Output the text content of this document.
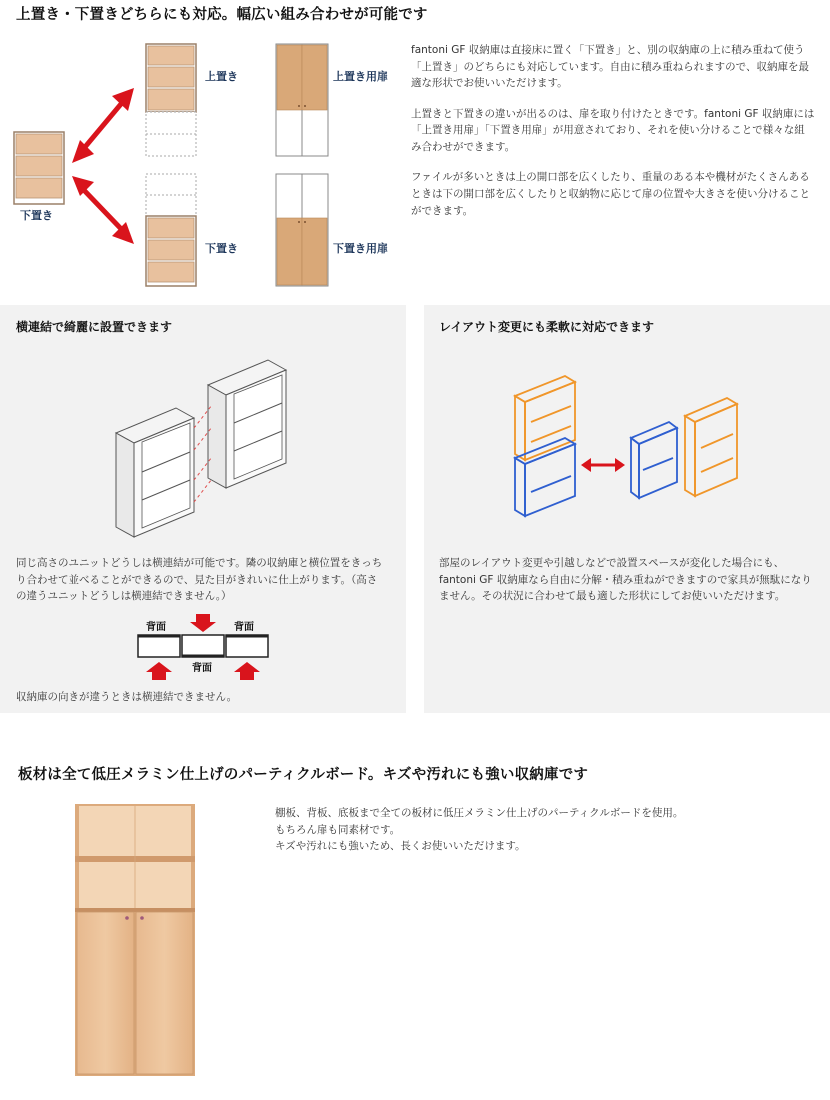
上置き・下置きどちらにも対応。幅広い組み合わせが可能です
下置き
上置き	上置き用扉
下置き	下置き用扉

fantoni GF 収納庫は直接床に置く「下置き」と、別の収納庫の上に積み重ねて使う「上置き」のどちらにも対応しています。自由に積み重ねられますので、収納庫を最適な形状でお使いいただけます。

上置きと下置きの違いが出るのは、扉を取り付けたときです。fantoni GF 収納庫には「上置き用扉」「下置き用扉」が用意されており、それを使い分けることで様々な組み合わせができます。

ファイルが多いときは上の開口部を広くしたり、重量のある本や機材がたくさんあるときは下の開口部を広くしたりと収納物に応じて扉の位置や大きさを使い分けることができます。

横連結で綺麗に設置できます

同じ高さのユニットどうしは横連結が可能です。隣の収納庫と横位置をきっちり合わせて並べることができるので、見た目がきれいに仕上がります。（高さの違うユニットどうしは横連結できません。）

背面	背面
背面

収納庫の向きが違うときは横連結できません。

レイアウト変更にも柔軟に対応できます

部屋のレイアウト変更や引越しなどで設置スペースが変化した場合にも、fantoni GF 収納庫なら自由に分解・積み重ねができますので家具が無駄になりません。その状況に合わせて最も適した形状にしてお使いいただけます。

板材は全て低圧メラミン仕上げのパーティクルボード。キズや汚れにも強い収納庫です

棚板、背板、底板まで全ての板材に低圧メラミン仕上げのパーティクルボードを使用。

もちろん扉も同素材です。

キズや汚れにも強いため、長くお使いいただけます。
